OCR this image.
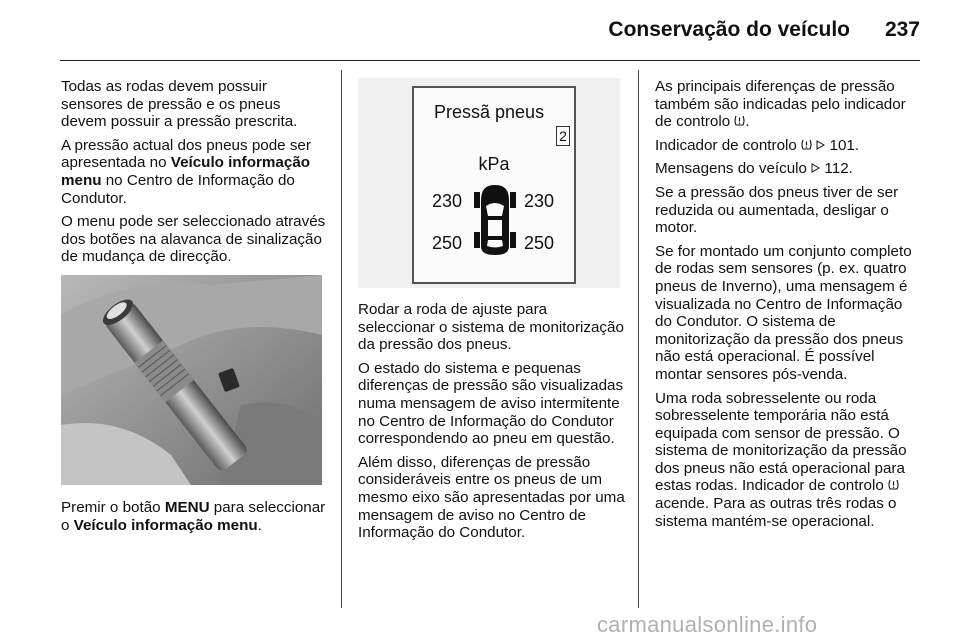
Conservação do veículo 237

Todas as rodas devem possuir sensores de pressão e os pneus devem possuir a pressão prescrita.

A pressão actual dos pneus pode ser apresentada no Veículo informação menu no Centro de Informação do Condutor.

O menu pode ser seleccionado através dos botões na alavanca de sinalização de mudança de direcção.

Premir o botão MENU para seleccionar o Veículo informação menu.

Pressã pneus
2
kPa
230	230
250	250

Rodar a roda de ajuste para seleccionar o sistema de monitorização da pressão dos pneus.

O estado do sistema e pequenas diferenças de pressão são visualizadas numa mensagem de aviso intermitente no Centro de Informação do Condutor correspondendo ao pneu em questão.

Além disso, diferenças de pressão consideráveis entre os pneus de um mesmo eixo são apresentadas por uma mensagem de aviso no Centro de Informação do Condutor.

As principais diferenças de pressão também são indicadas pelo indicador de controlo .

Indicador de controlo   101.

Mensagens do veículo  112.

Se a pressão dos pneus tiver de ser reduzida ou aumentada, desligar o motor.

Se for montado um conjunto completo de rodas sem sensores (p. ex. quatro pneus de Inverno), uma mensagem é visualizada no Centro de Informação do Condutor. O sistema de monitorização da pressão dos pneus não está operacional. É possível montar sensores pós-venda.

Uma roda sobresselente ou roda sobresselente temporária não está equipada com sensor de pressão. O sistema de monitorização da pressão dos pneus não está operacional para estas rodas. Indicador de controlo  acende. Para as outras três rodas o sistema mantém-se operacional.

carmanualsonline.info
